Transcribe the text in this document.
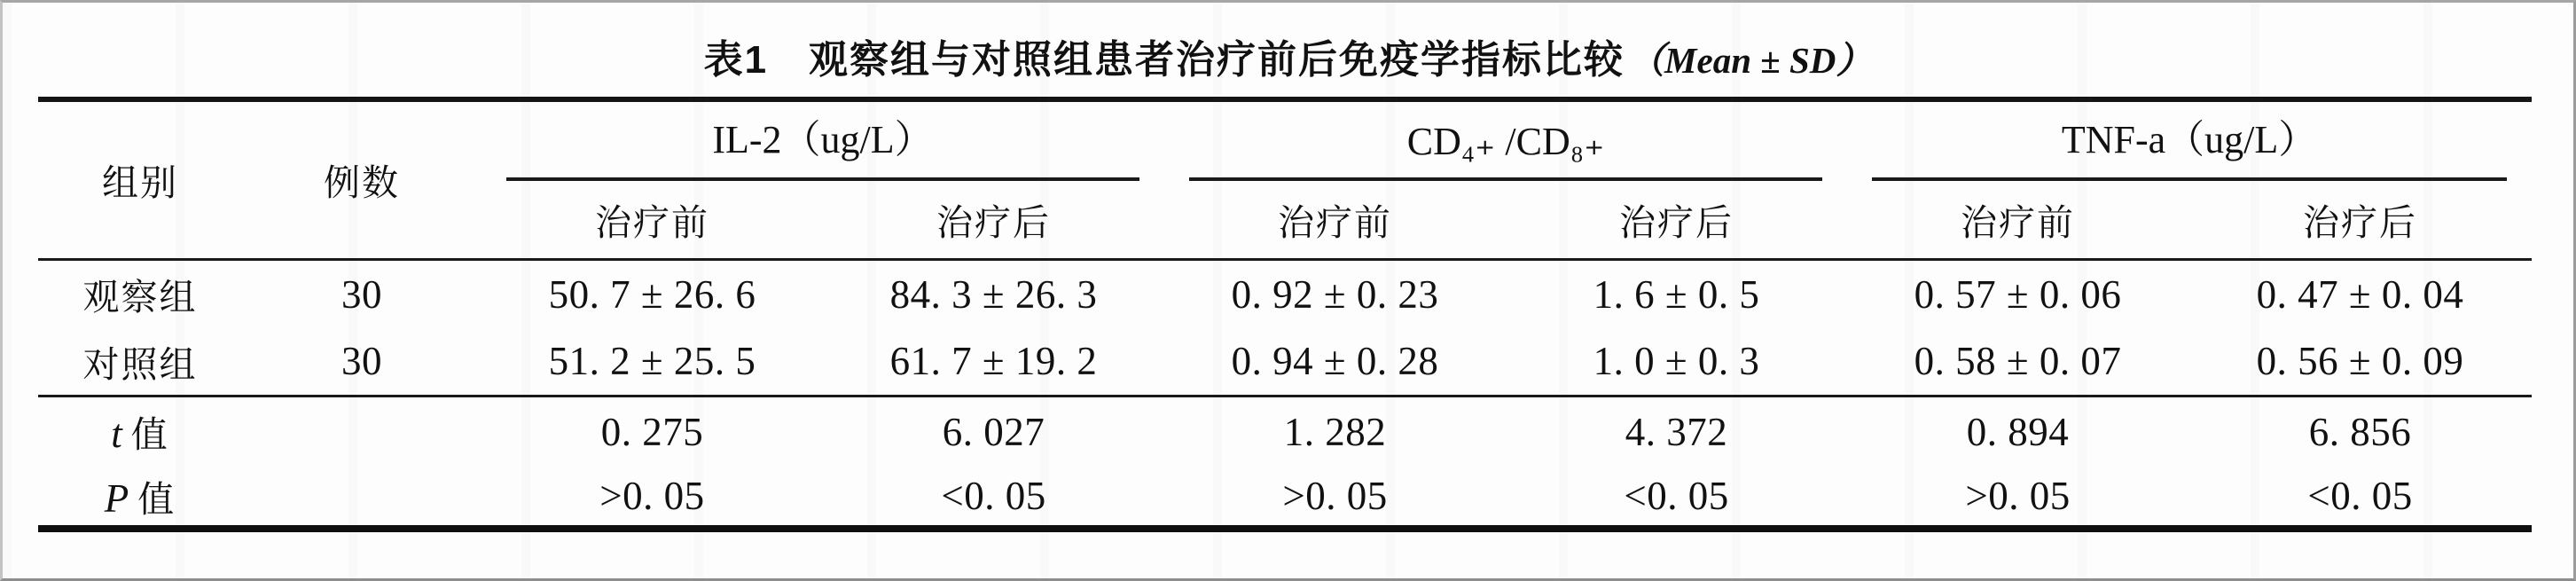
表1　观察组与对照组患者治疗前后免疫学指标比较（Mean ± SD）
组别	例数	IL-2（ug/L）		CD₄₊ /CD₈₊		TNF-a（ug/L）	

		治疗前	治疗后	治疗前	治疗后	治疗前	治疗后
观察组	30	50. 7 ± 26. 6	84. 3 ± 26. 3	0. 92 ± 0. 23	1. 6 ± 0. 5	0. 57 ± 0. 06	0. 47 ± 0. 04
对照组	30	51. 2 ± 25. 5	61. 7 ± 19. 2	0. 94 ± 0. 28	1. 0 ± 0. 3	0. 58 ± 0. 07	0. 56 ± 0. 09
t 值		0. 275	6. 027	1. 282	4. 372	0. 894	6. 856
P 值		>0. 05	<0. 05	>0. 05	<0. 05	>0. 05	<0. 05
